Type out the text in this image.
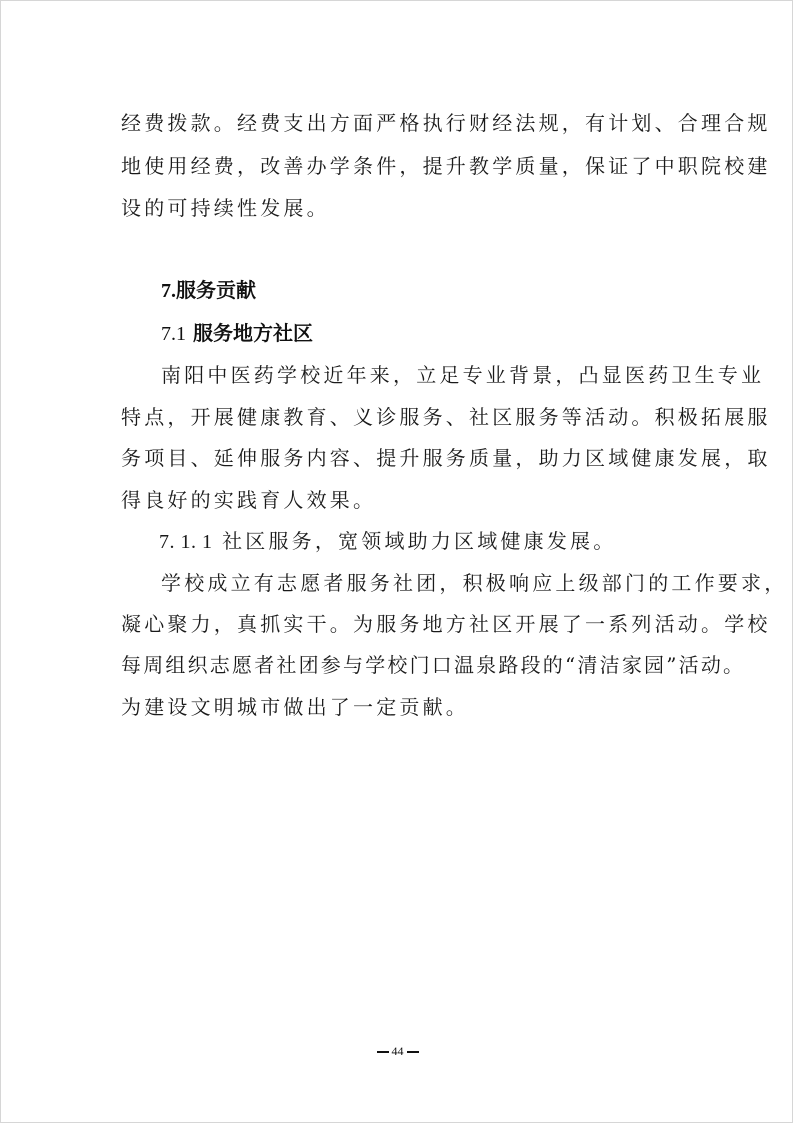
经费拨款。经费支出方面严格执行财经法规，有计划、合理合规
地使用经费，改善办学条件，提升教学质量，保证了中职院校建
设的可持续性发展。
7.服务贡献
7.1 服务地方社区
南阳中医药学校近年来，立足专业背景，凸显医药卫生专业
特点，开展健康教育、义诊服务、社区服务等活动。积极拓展服
务项目、延伸服务内容、提升服务质量，助力区域健康发展，取
得良好的实践育人效果。
7. 1. 1 社区服务，宽领域助力区域健康发展。
学校成立有志愿者服务社团，积极响应上级部门的工作要求，
凝心聚力，真抓实干。为服务地方社区开展了一系列活动。学校
每周组织志愿者社团参与学校门口温泉路段的“清洁家园”活动。
为建设文明城市做出了一定贡献。
44
